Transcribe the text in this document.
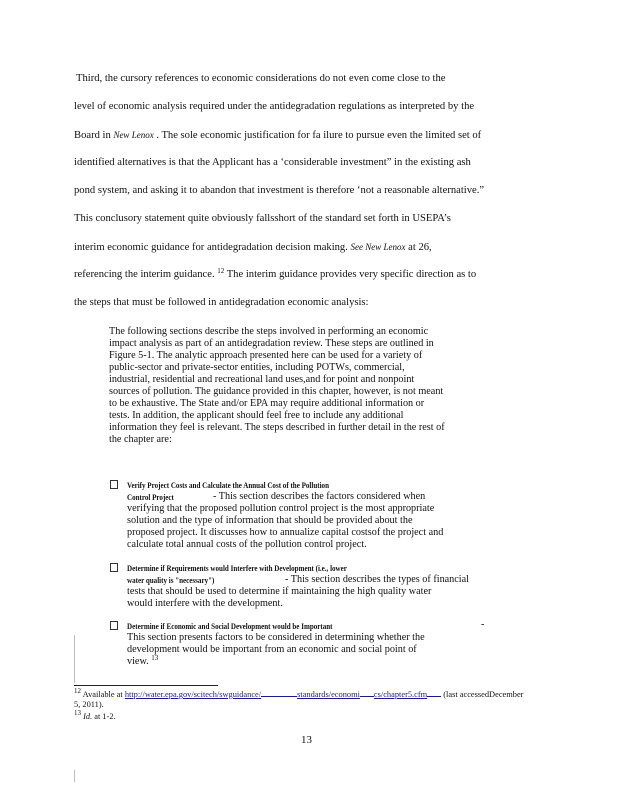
Third, the cursory references to economic considerations do not even come close to the
level of economic analysis required under the antidegradation regulations as interpreted by the
Board in New Lenox . The sole economic justification for fa ilure to pursue even the limited set of
identified alternatives is that the Applicant has a ‘considerable investment” in the existing ash
pond system, and asking it to abandon that investment is therefore ‘not a reasonable alternative.”
This conclusory statement quite obviously fallsshort of the standard set forth in USEPA’s
interim economic guidance for antidegradation decision making. See New Lenox at 26,
referencing the interim guidance. $^{12}$ The interim guidance provides very specific direction as to
the steps that must be followed in antidegradation economic analysis:
The following sections describe the steps involved in performing an economic
impact analysis as part of an antidegradation review. These steps are outlined in
Figure 5-1. The analytic approach presented here can be used for a variety of
public-sector and private-sector entities, including POTWs, commercial,
industrial, residential and recreational land uses,and for point and nonpoint
sources of pollution. The guidance provided in this chapter, however, is not meant
to be exhaustive. The State and/or EPA may require additional information or
tests. In addition, the applicant should feel free to include any additional
information they feel is relevant. The steps described in further detail in the rest of
the chapter are:
Verify Project Costs and Calculate the Annual Cost of the Pollution
Control Project	- This section describes the factors considered when
verifying that the proposed pollution control project is the most appropriate
solution and the type of information that should be provided about the
proposed project. It discusses how to annualize capital costsof the project and
calculate total annual costs of the pollution control project.
Determine if Requirements would Interfere with Development (i.e., lower
water quality is "necessary")	- This section describes the types of financial
tests that should be used to determine if maintaining the high quality water
would interfere with the development.
Determine if Economic and Social Development would be Important	-
This section presents factors to be considered in determining whether the
development would be important from an economic and social point of
view. $^{13}$
$^{12}$ Available at http://water.epa.gov/scitech/swguidance/	standards/economi cs/chapter5.cfm (last accessedDecember
5, 2011).
$^{13}$ Id. at 1-2.
13
